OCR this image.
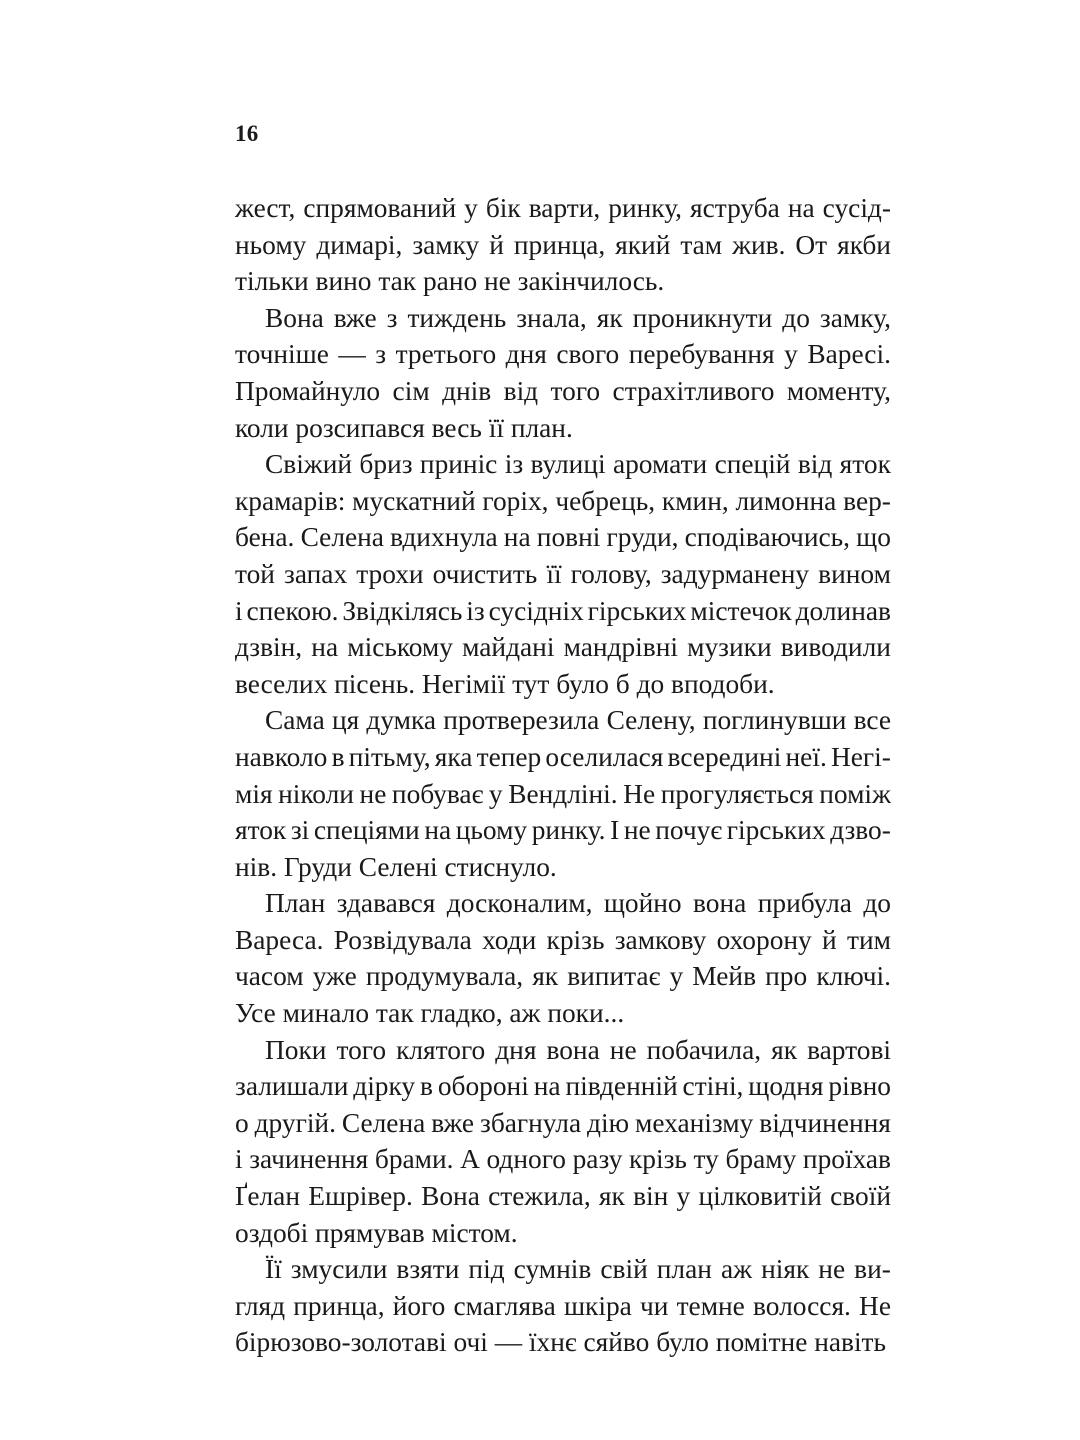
16

жест, спрямований у бік варти, ринку, яструба на сусід-
ньому димарі, замку й принца, який там жив. От якби
тільки вино так рано не закінчилось.

Вона вже з тиждень знала, як проникнути до замку,
точніше — з третього дня свого перебування у Варесі.
Промайнуло сім днів від того страхітливого моменту,
коли розсипався весь її план.

Свіжий бриз приніс із вулиці аромати спецій від яток
крамарів: мускатний горіх, чебрець, кмин, лимонна вер-
бена. Селена вдихнула на повні груди, сподіваючись, що
той запах трохи очистить її голову, задурманену вином
і спекою. Звідкілясь із сусідніх гірських містечок долинав
дзвін, на міському майдані мандрівні музики виводили
веселих пісень. Негімії тут було б до вподоби.

Сама ця думка протверезила Селену, поглинувши все
навколо в пітьму, яка тепер оселилася всередині неї. Негі-
мія ніколи не побуває у Вендліні. Не прогуляється поміж
яток зі спеціями на цьому ринку. І не почує гірських дзво-
нів. Груди Селені стиснуло.

План здавався досконалим, щойно вона прибула до
Вареса. Розвідувала ходи крізь замкову охорону й тим
часом уже продумувала, як випитає у Мейв про ключі.
Усе минало так гладко, аж поки...

Поки того клятого дня вона не побачила, як вартові
залишали дірку в обороні на південній стіні, щодня рівно
о другій. Селена вже збагнула дію механізму відчинення
і зачинення брами. А одного разу крізь ту браму проїхав
Ґелан Ешрівер. Вона стежила, як він у цілковитій своїй
оздобі прямував містом.

Її змусили взяти під сумнів свій план аж ніяк не ви-
гляд принца, його смаглява шкіра чи темне волосся. Не
бірюзово-золотаві очі — їхнє сяйво було помітне навіть
